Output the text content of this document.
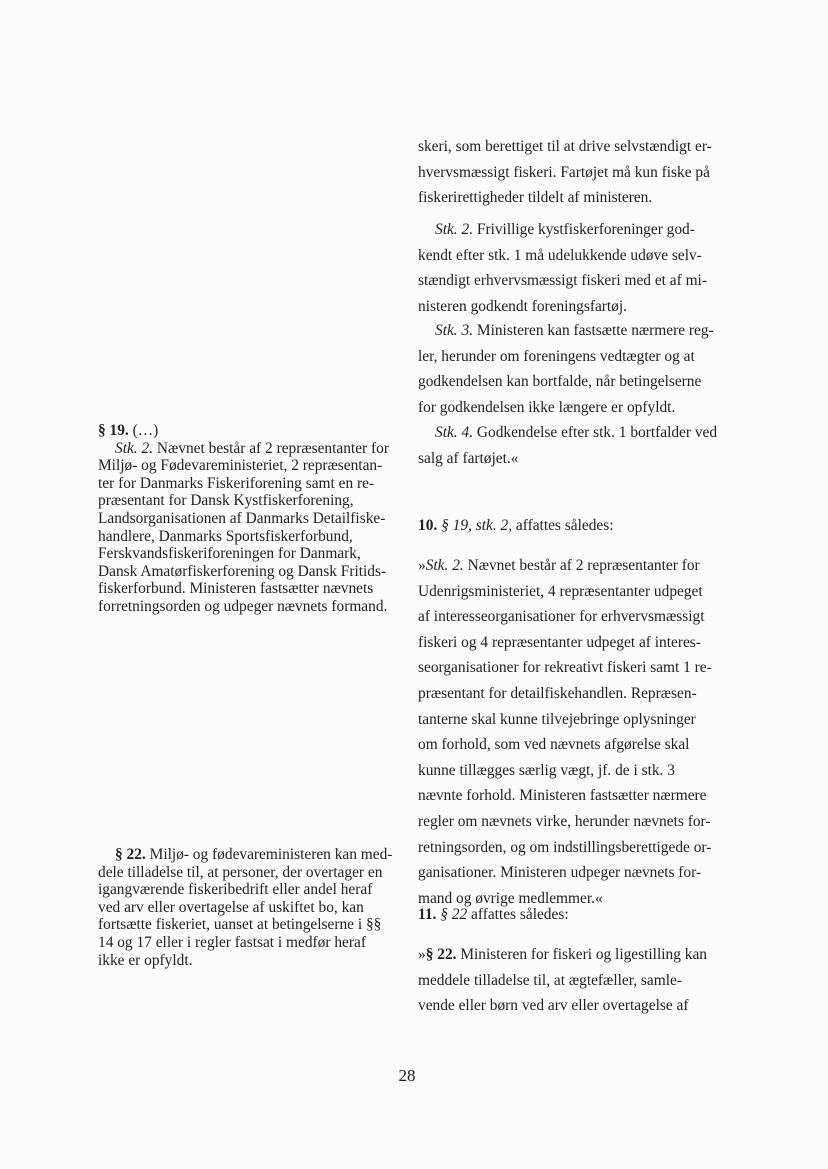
§ 19. (…)
Stk. 2. Nævnet består af 2 repræsentanter for
Miljø- og Fødevareministeriet, 2 repræsentan-
ter for Danmarks Fiskeriforening samt en re-
præsentant for Dansk Kystfiskerforening,
Landsorganisationen af Danmarks Detailfiske-
handlere, Danmarks Sportsfiskerforbund,
Ferskvandsfiskeriforeningen for Danmark,
Dansk Amatørfiskerforening og Dansk Fritids-
fiskerforbund. Ministeren fastsætter nævnets
forretningsorden og udpeger nævnets formand.
§ 22. Miljø- og fødevareministeren kan med-
dele tilladelse til, at personer, der overtager en
igangværende fiskeribedrift eller andel heraf
ved arv eller overtagelse af uskiftet bo, kan
fortsætte fiskeriet, uanset at betingelserne i §§
14 og 17 eller i regler fastsat i medfør heraf
ikke er opfyldt.
skeri, som berettiget til at drive selvstændigt er-
hvervsmæssigt fiskeri. Fartøjet må kun fiske på
fiskerirettigheder tildelt af ministeren.
Stk. 2. Frivillige kystfiskerforeninger god-
kendt efter stk. 1 må udelukkende udøve selv-
stændigt erhvervsmæssigt fiskeri med et af mi-
nisteren godkendt foreningsfartøj.
Stk. 3. Ministeren kan fastsætte nærmere reg-
ler, herunder om foreningens vedtægter og at
godkendelsen kan bortfalde, når betingelserne
for godkendelsen ikke længere er opfyldt.
Stk. 4. Godkendelse efter stk. 1 bortfalder ved
salg af fartøjet.«
10. § 19, stk. 2, affattes således:
»Stk. 2. Nævnet består af 2 repræsentanter for
Udenrigsministeriet, 4 repræsentanter udpeget
af interesseorganisationer for erhvervsmæssigt
fiskeri og 4 repræsentanter udpeget af interes-
seorganisationer for rekreativt fiskeri samt 1 re-
præsentant for detailfiskehandlen. Repræsen-
tanterne skal kunne tilvejebringe oplysninger
om forhold, som ved nævnets afgørelse skal
kunne tillægges særlig vægt, jf. de i stk. 3
nævnte forhold. Ministeren fastsætter nærmere
regler om nævnets virke, herunder nævnets for-
retningsorden, og om indstillingsberettigede or-
ganisationer. Ministeren udpeger nævnets for-
mand og øvrige medlemmer.«
11. § 22 affattes således:
»§ 22. Ministeren for fiskeri og ligestilling kan
meddele tilladelse til, at ægtefæller, samle-
vende eller børn ved arv eller overtagelse af
28
